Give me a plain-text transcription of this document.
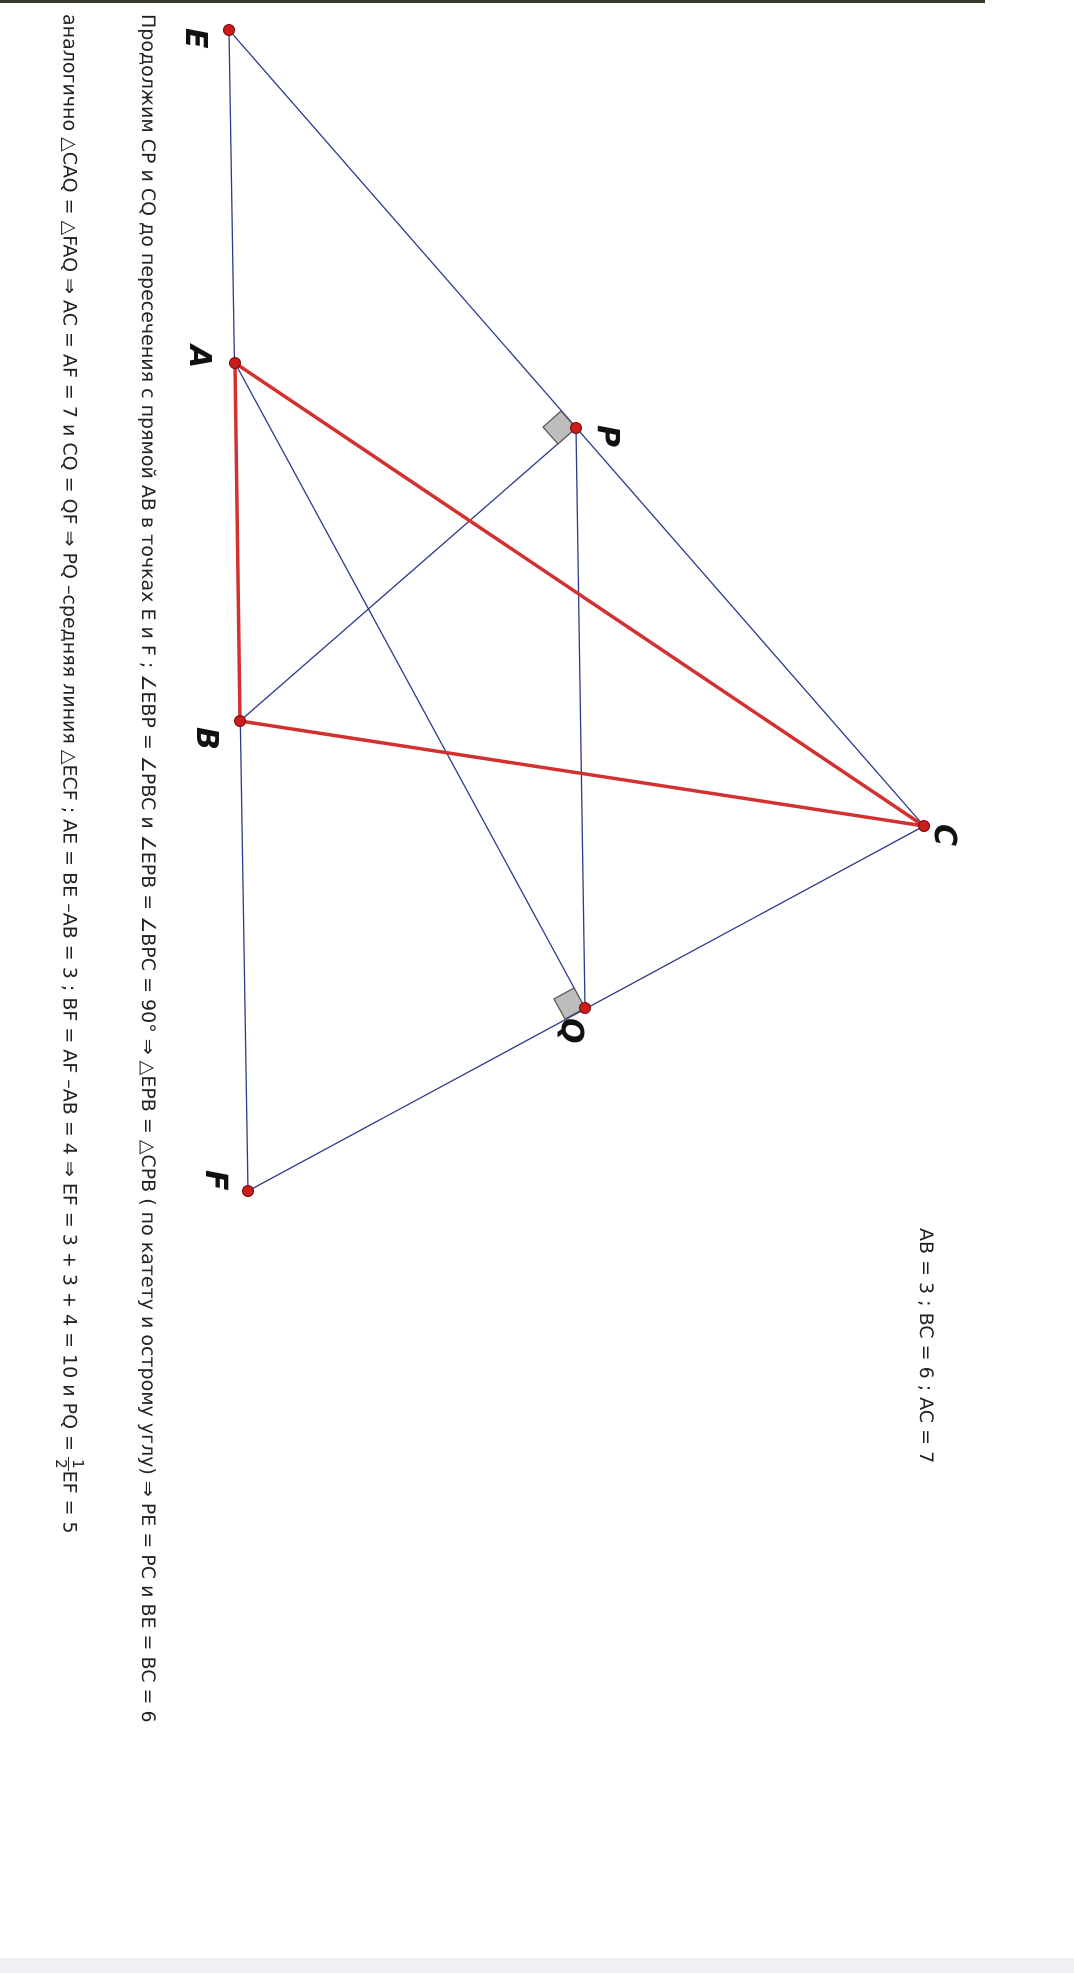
E
A
B
C
P
Q
F
AB = 3 ; BC = 6 ; AC = 7
Продолжим CP и CQ до пересечения с прямой AB в точках E и F ; ∠EBP = ∠PBC и ∠EPB = ∠BPC = 90° ⇒ △EPB = △CPB ( по катету и острому углу) ⇒ PE = PC и BE = BC = 6
аналогично △CAQ = △FAQ ⇒ AC = AF = 7 и CQ = QF ⇒ PQ –средняя линия △ECF ; AE = BE –AB = 3 ; BF = AF –AB = 4 ⇒ EF = 3 + 3 + 4 = 10 и PQ =
1
2
EF = 5
